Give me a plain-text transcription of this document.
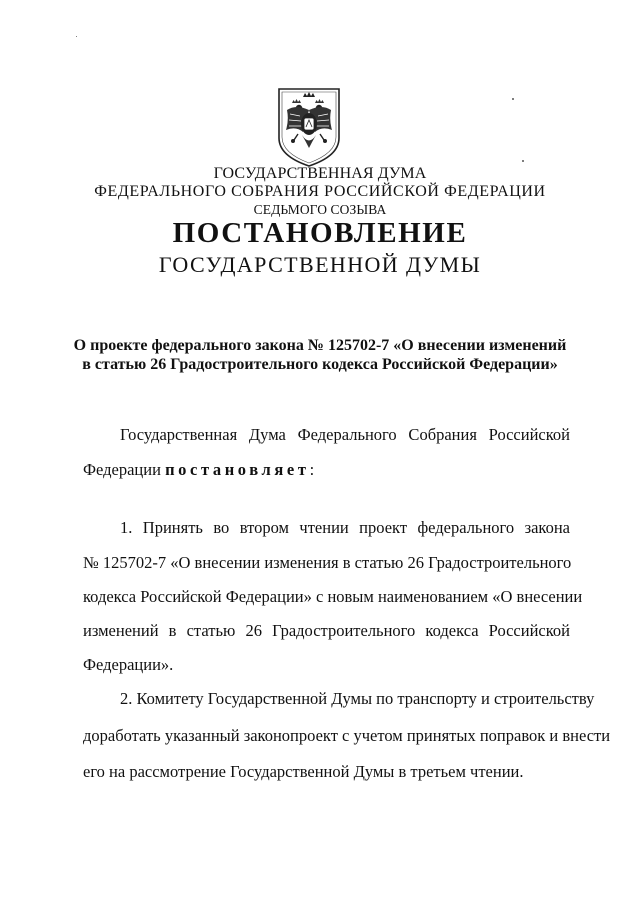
ГОСУДАРСТВЕННАЯ ДУМА
ФЕДЕРАЛЬНОГО СОБРАНИЯ РОССИЙСКОЙ ФЕДЕРАЦИИ
СЕДЬМОГО СОЗЫВА
ПОСТАНОВЛЕНИЕ
ГОСУДАРСТВЕННОЙ ДУМЫ
О проекте федерального закона № 125702-7 «О внесении изменений
в статью 26 Градостроительного кодекса Российской Федерации»
Государственная Дума Федерального Собрания Российской
Федерации постановляет:
1. Принять во втором чтении проект федерального закона
№ 125702-7 «О внесении изменения в статью 26 Градостроительного
кодекса Российской Федерации» с новым наименованием «О внесении
изменений в статью 26 Градостроительного кодекса Российской
Федерации».
2. Комитету Государственной Думы по транспорту и строительству
доработать указанный законопроект с учетом принятых поправок и внести
его на рассмотрение Государственной Думы в третьем чтении.
